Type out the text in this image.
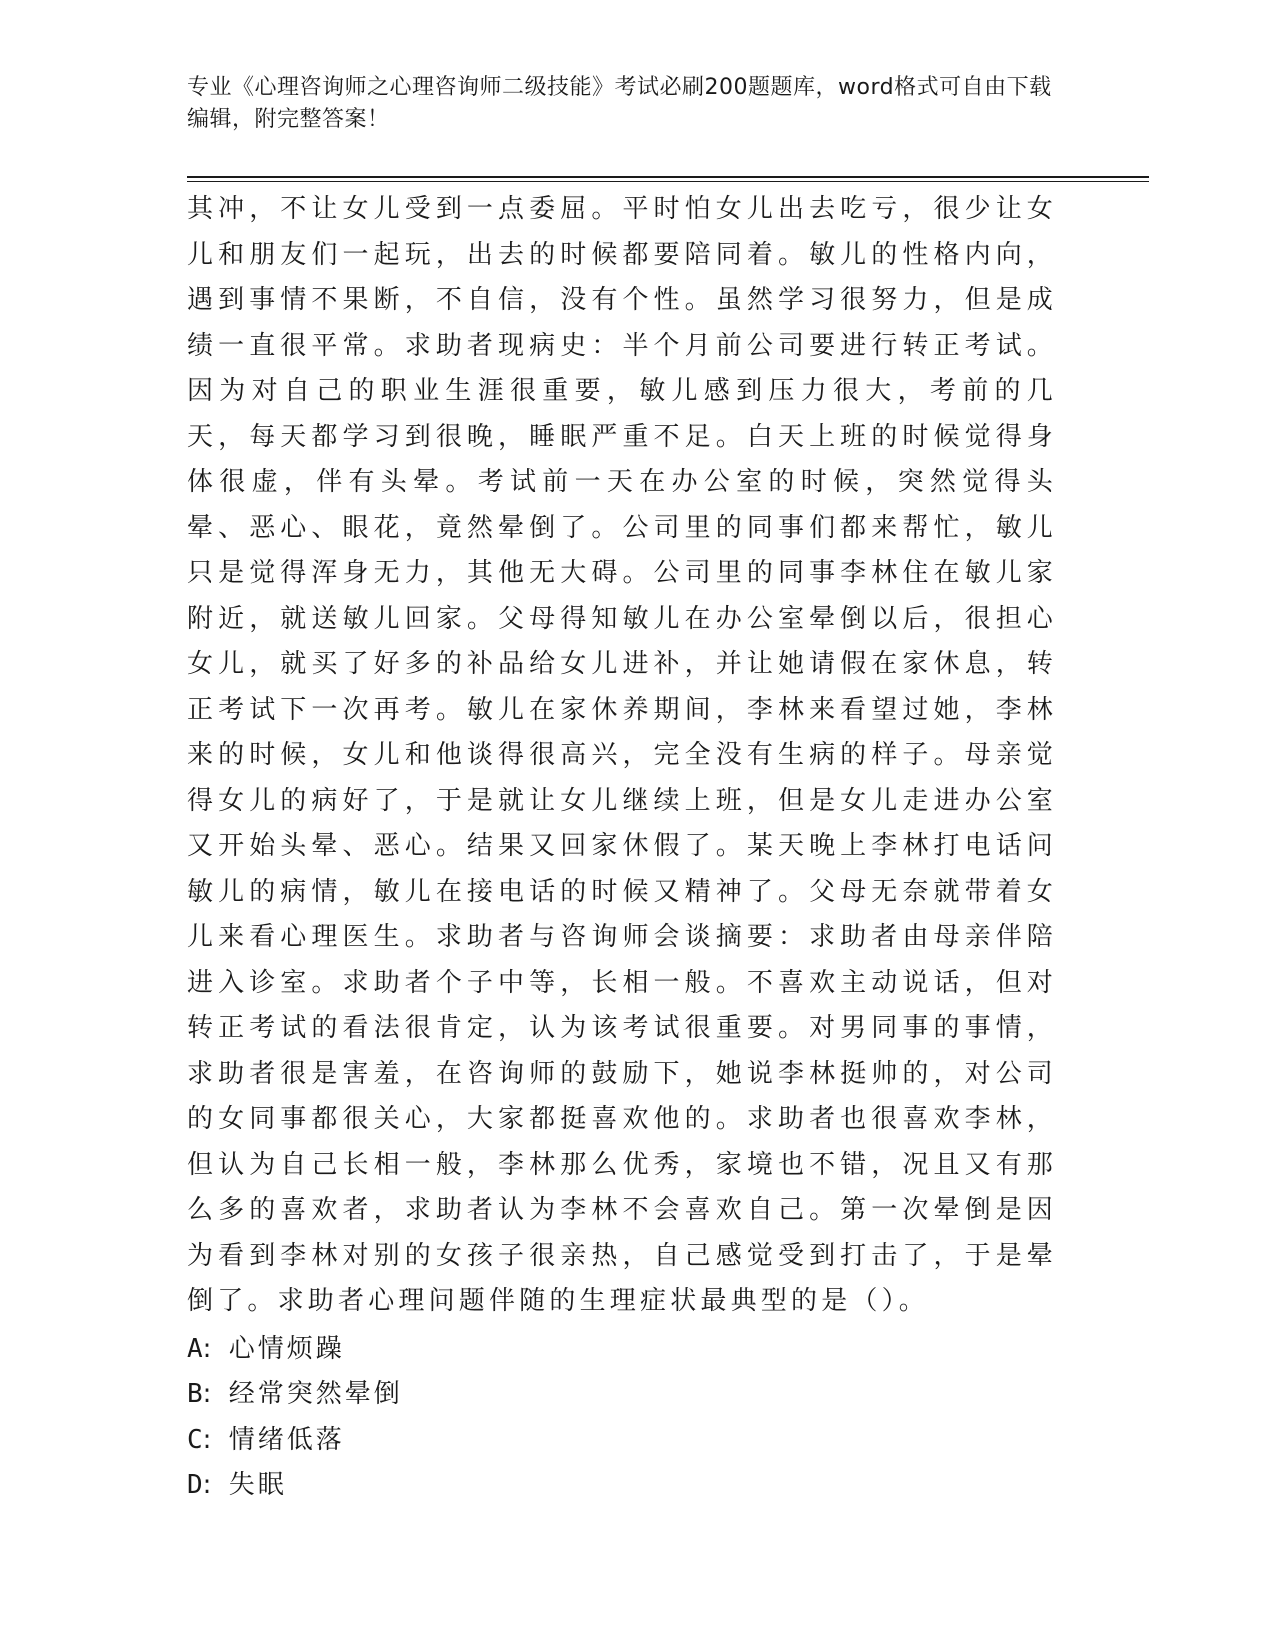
专业《心理咨询师之心理咨询师二级技能》考试必刷200题题库，word格式可自由下载编辑，附完整答案！

其冲，不让女儿受到一点委屈。平时怕女儿出去吃亏，很少让女儿和朋友们一起玩，出去的时候都要陪同着。敏儿的性格内向，遇到事情不果断，不自信，没有个性。虽然学习很努力，但是成绩一直很平常。求助者现病史：半个月前公司要进行转正考试。因为对自己的职业生涯很重要，敏儿感到压力很大，考前的几天，每天都学习到很晚，睡眠严重不足。白天上班的时候觉得身体很虚，伴有头晕。考试前一天在办公室的时候，突然觉得头晕、恶心、眼花，竟然晕倒了。公司里的同事们都来帮忙，敏儿只是觉得浑身无力，其他无大碍。公司里的同事李林住在敏儿家附近，就送敏儿回家。父母得知敏儿在办公室晕倒以后，很担心女儿，就买了好多的补品给女儿进补，并让她请假在家休息，转正考试下一次再考。敏儿在家休养期间，李林来看望过她，李林来的时候，女儿和他谈得很高兴，完全没有生病的样子。母亲觉得女儿的病好了，于是就让女儿继续上班，但是女儿走进办公室又开始头晕、恶心。结果又回家休假了。某天晚上李林打电话问敏儿的病情，敏儿在接电话的时候又精神了。父母无奈就带着女儿来看心理医生。求助者与咨询师会谈摘要：求助者由母亲伴陪进入诊室。求助者个子中等，长相一般。不喜欢主动说话，但对转正考试的看法很肯定，认为该考试很重要。对男同事的事情，求助者很是害羞，在咨询师的鼓励下，她说李林挺帅的，对公司的女同事都很关心，大家都挺喜欢他的。求助者也很喜欢李林，但认为自己长相一般，李林那么优秀，家境也不错，况且又有那么多的喜欢者，求助者认为李林不会喜欢自己。第一次晕倒是因为看到李林对别的女孩子很亲热，自己感觉受到打击了，于是晕倒了。求助者心理问题伴随的生理症状最典型的是（）。

A: 心情烦躁
B: 经常突然晕倒
C: 情绪低落
D: 失眠
